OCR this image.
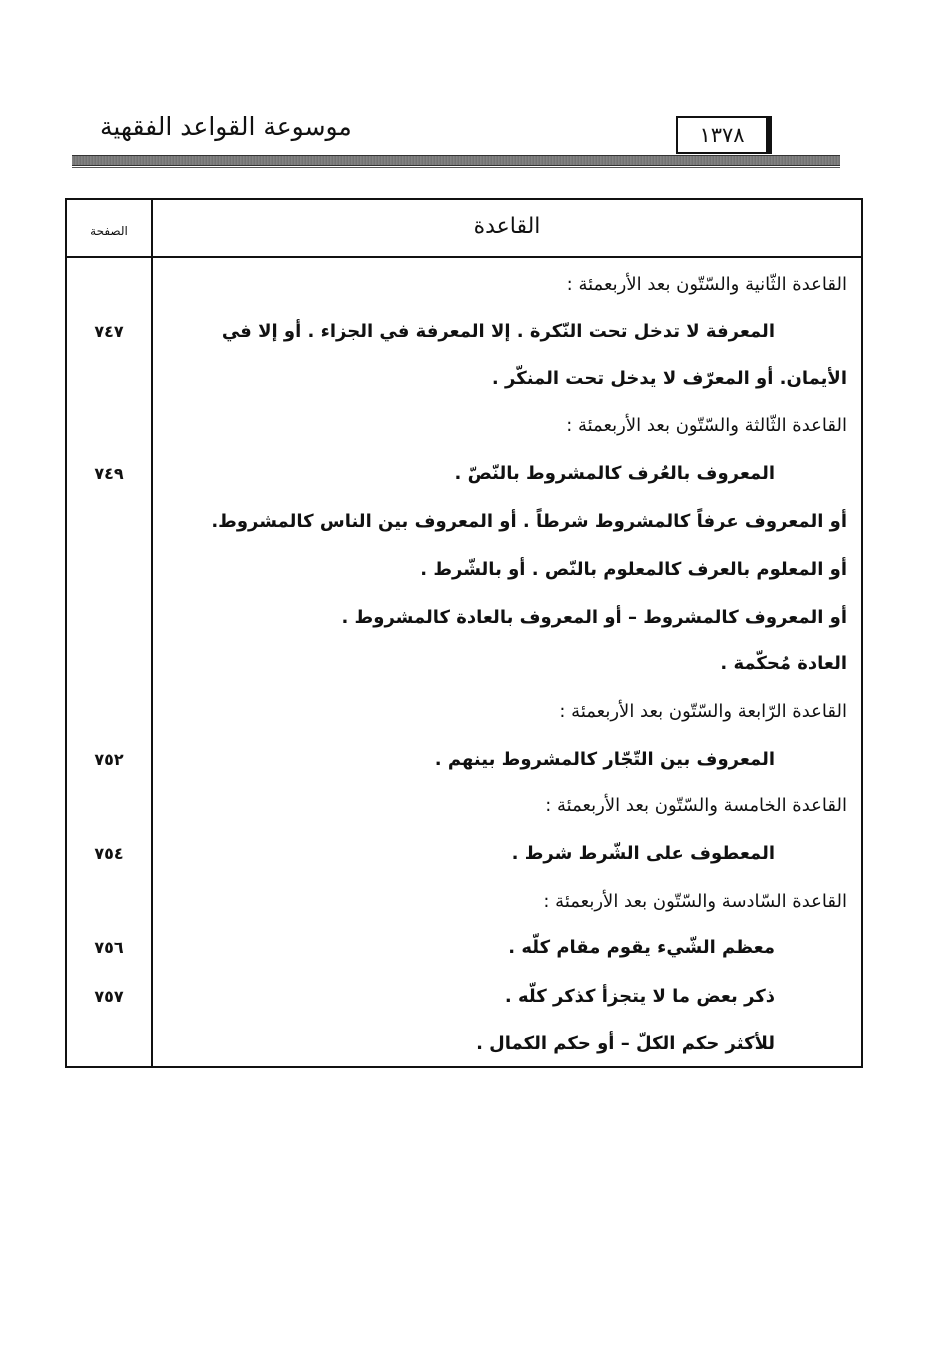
موسوعة القواعد الفقهية	١٣٧٨
القاعدة
الصفحة
القاعدة الثّانية والسّتّون بعد الأربعمئة :
المعرفة لا تدخل تحت النّكرة . إلا المعرفة في الجزاء . أو إلا في
٧٤٧
الأيمان. أو المعرّف لا يدخل تحت المنكّر .
القاعدة الثّالثة والسّتّون بعد الأربعمئة :
المعروف بالعُرف كالمشروط بالنّصّ .
٧٤٩
أو المعروف عرفاً كالمشروط شرطاً . أو المعروف بين الناس كالمشروط.
أو المعلوم بالعرف كالمعلوم بالنّص . أو بالشّرط .
أو المعروف كالمشروط – أو المعروف بالعادة كالمشروط .
العادة مُحكّمة .
القاعدة الرّابعة والسّتّون بعد الأربعمئة :
المعروف بين التّجّار كالمشروط بينهم .
٧٥٢
القاعدة الخامسة والسّتّون بعد الأربعمئة :
المعطوف على الشّرط شرط .
٧٥٤
القاعدة السّادسة والسّتّون بعد الأربعمئة :
معظم الشّيء يقوم مقام كلّه .
٧٥٦
ذكر بعض ما لا يتجزأ كذكر كلّه .
٧٥٧
للأكثر حكم الكلّ – أو حكم الكمال .
